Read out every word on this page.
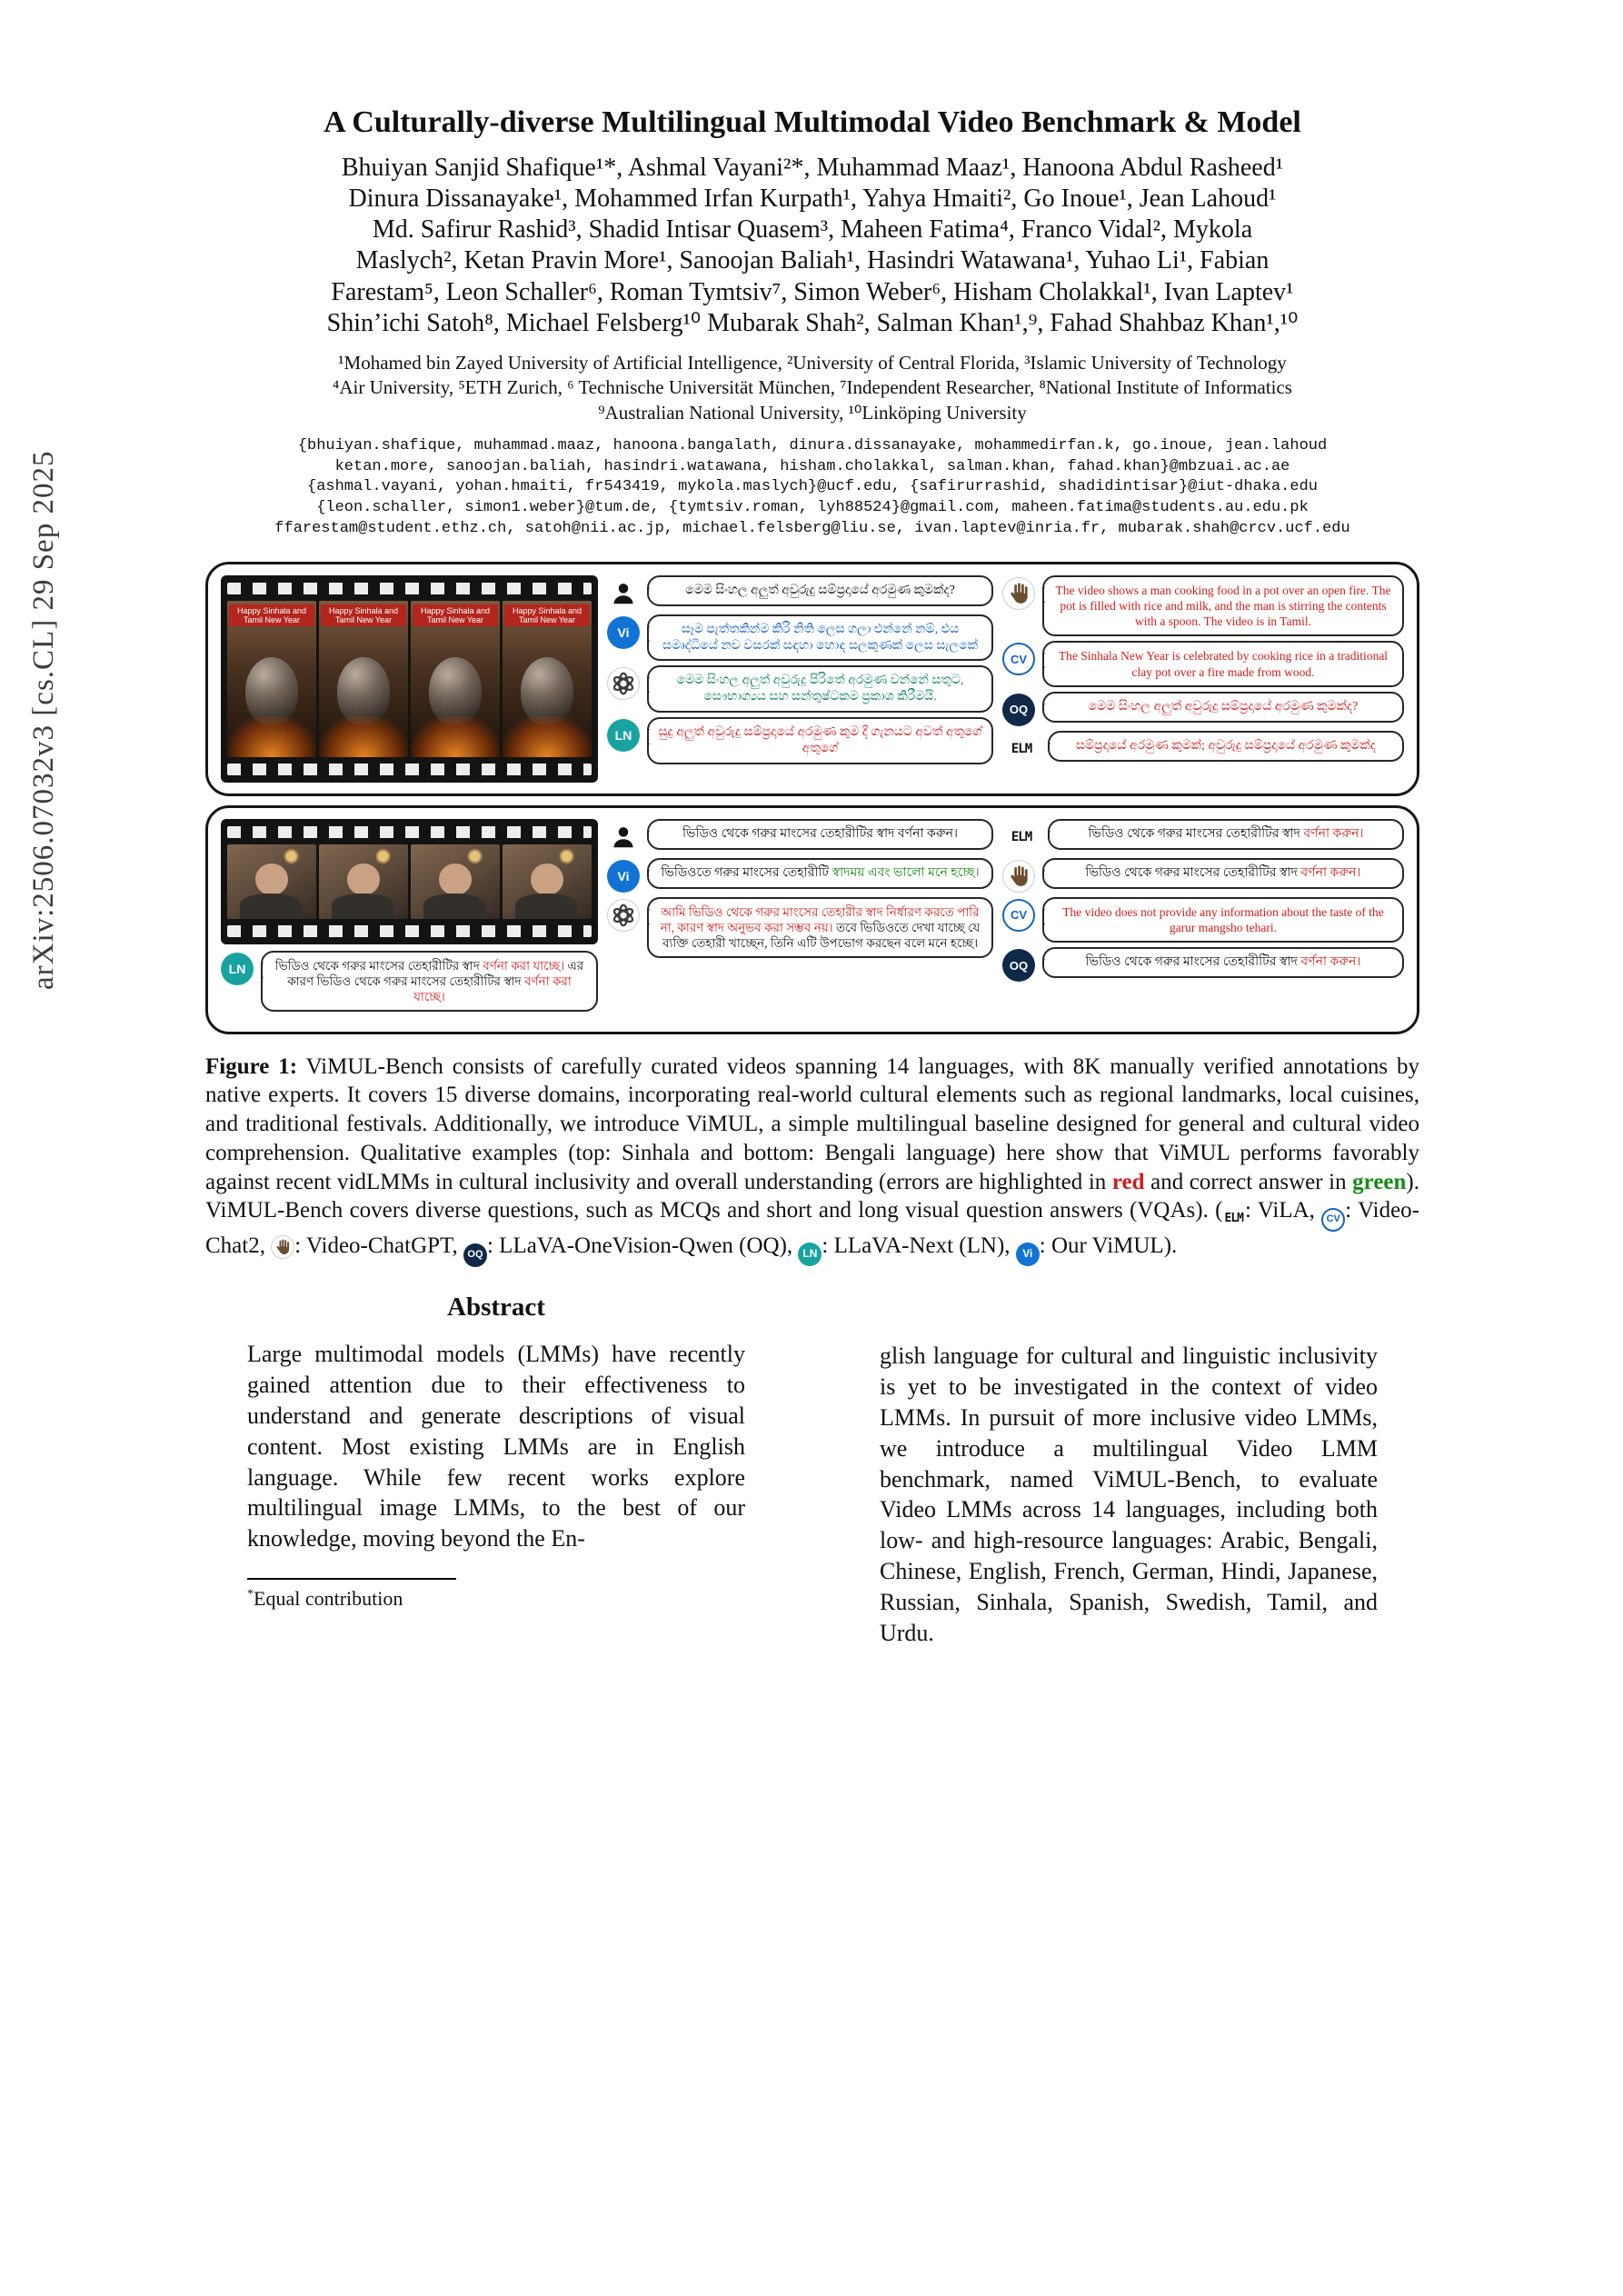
arXiv:2506.07032v3 [cs.CL] 29 Sep 2025
A Culturally-diverse Multilingual Multimodal Video Benchmark & Model

Bhuiyan Sanjid Shafique¹*, Ashmal Vayani²*, Muhammad Maaz¹, Hanoona Abdul Rasheed¹

Dinura Dissanayake¹, Mohammed Irfan Kurpath¹, Yahya Hmaiti², Go Inoue¹, Jean Lahoud¹

Md. Safirur Rashid³, Shadid Intisar Quasem³, Maheen Fatima⁴, Franco Vidal², Mykola

Maslych², Ketan Pravin More¹, Sanoojan Baliah¹, Hasindri Watawana¹, Yuhao Li¹, Fabian

Farestam⁵, Leon Schaller⁶, Roman Tymtsiv⁷, Simon Weber⁶, Hisham Cholakkal¹, Ivan Laptev¹

Shin’ichi Satoh⁸, Michael Felsberg¹⁰ Mubarak Shah², Salman Khan¹,⁹, Fahad Shahbaz Khan¹,¹⁰

¹Mohamed bin Zayed University of Artificial Intelligence, ²University of Central Florida, ³Islamic University of Technology

⁴Air University, ⁵ETH Zurich, ⁶ Technische Universität München, ⁷Independent Researcher, ⁸National Institute of Informatics

⁹Australian National University, ¹⁰Linköping University

{bhuiyan.shafique, muhammad.maaz, hanoona.bangalath, dinura.dissanayake, mohammedirfan.k, go.inoue, jean.lahoud

ketan.more, sanoojan.baliah, hasindri.watawana, hisham.cholakkal, salman.khan, fahad.khan}@mbzuai.ac.ae

{ashmal.vayani, yohan.hmaiti, fr543419, mykola.maslych}@ucf.edu, {safirurrashid, shadidintisar}@iut-dhaka.edu

{leon.schaller, simon1.weber}@tum.de, {tymtsiv.roman, lyh88524}@gmail.com, maheen.fatima@students.au.edu.pk

ffarestam@student.ethz.ch, satoh@nii.ac.jp, michael.felsberg@liu.se, ivan.laptev@inria.fr, mubarak.shah@crcv.ucf.edu

Happy Sinhala and Tamil New Year
Happy Sinhala and Tamil New Year
Happy Sinhala and Tamil New Year
Happy Sinhala and Tamil New Year
මෙම සිංහල අලුත් අවුරුදු සම්ප්‍රදායේ අරමුණ කුමක්ද?
Vi	සෑම පැත්තකින්ම කිරි නිති ලෙස ගලා එන්නේ නම්, එය සමෘද්ධියේ නව වසරක් සඳහා හොඳ සලකුණක් ලෙස සැලකේ
මෙම සිංහල අලුත් අවුරුදු පිරිතේ අරමුණ වන්නේ සතුට, සෞභාග්‍යය සහ සන්තුෂ්ටකම ප්‍රකාශ කිරීමයි.
LN	සුදු අලුත් අවුරුදු සම්ප්‍රදායේ අරමුණ කුම දී ගැනයට අවත් අතුගේ අතුගේ
The video shows a man cooking food in a pot over an open fire. The pot is filled with rice and milk, and the man is stirring the contents with a spoon. The video is in Tamil.
CV	The Sinhala New Year is celebrated by cooking rice in a traditional clay pot over a fire made from wood.
OQ	මෙම සිංහල අලුත් අවුරුදු සම්ප්‍රදායේ අරමුණ කුමක්ද?
ELM	සම්ප්‍රදායේ අරමුණ කුමක්; අවුරුදු සම්ප්‍රදායේ අරමුණ කුමක්ද
LN	ভিডিও থেকে গরুর মাংসের তেহারীটির স্বাদ বর্ণনা করা যাচ্ছে। এর কারণ ভিডিও থেকে গরুর মাংসের তেহারীটির স্বাদ বর্ণনা করা যাচ্ছে।
ভিডিও থেকে গরুর মাংসের তেহারীটির স্বাদ বর্ণনা করুন।
Vi	ভিডিওতে গরুর মাংসের তেহারীটি স্বাদময় এবং ভালো মনে হচ্ছে।
আমি ভিডিও থেকে গরুর মাংসের তেহারীর স্বাদ নির্ধারণ করতে পারি না, কারণ স্বাদ অনুভব করা সম্ভব নয়। তবে ভিডিওতে দেখা যাচ্ছে যে ব্যক্তি তেহারী খাচ্ছেন, তিনি এটি উপভোগ করছেন বলে মনে হচ্ছে।
ELM	ভিডিও থেকে গরুর মাংসের তেহারীটির স্বাদ বর্ণনা করুন।
ভিডিও থেকে গরুর মাংসের তেহারীটির স্বাদ বর্ণনা করুন।
CV	The video does not provide any information about the taste of the garur mangsho tehari.
OQ	ভিডিও থেকে গরুর মাংসের তেহারীটির স্বাদ বর্ণনা করুন।

Figure 1: ViMUL-Bench consists of carefully curated videos spanning 14 languages, with 8K manually verified annotations by native experts. It covers 15 diverse domains, incorporating real-world cultural elements such as regional landmarks, local cuisines, and traditional festivals. Additionally, we introduce ViMUL, a simple multilingual baseline designed for general and cultural video comprehension. Qualitative examples (top: Sinhala and bottom: Bengali language) here show that ViMUL performs favorably against recent vidLMMs in cultural inclusivity and overall understanding (errors are highlighted in red and correct answer in green). ViMUL-Bench covers diverse questions, such as MCQs and short and long visual question answers (VQAs). ( ELM: ViLA, CV : Video-Chat2,
: Video-ChatGPT, OQ : LLaVA-OneVision-Qwen (OQ), LN : LLaVA-Next (LN), Vi : Our ViMUL).

Abstract
Large multimodal models (LMMs) have recently gained attention due to their effectiveness to understand and generate descriptions of visual content. Most existing LMMs are in English language. While few recent works explore multilingual image LMMs, to the best of our knowledge, moving beyond the En-
*Equal contribution
glish language for cultural and linguistic inclusivity is yet to be investigated in the context of video LMMs. In pursuit of more inclusive video LMMs, we introduce a multilingual Video LMM benchmark, named ViMUL-Bench, to evaluate Video LMMs across 14 languages, including both low- and high-resource languages: Arabic, Bengali, Chinese, English, French, German, Hindi, Japanese, Russian, Sinhala, Spanish, Swedish, Tamil, and Urdu.
